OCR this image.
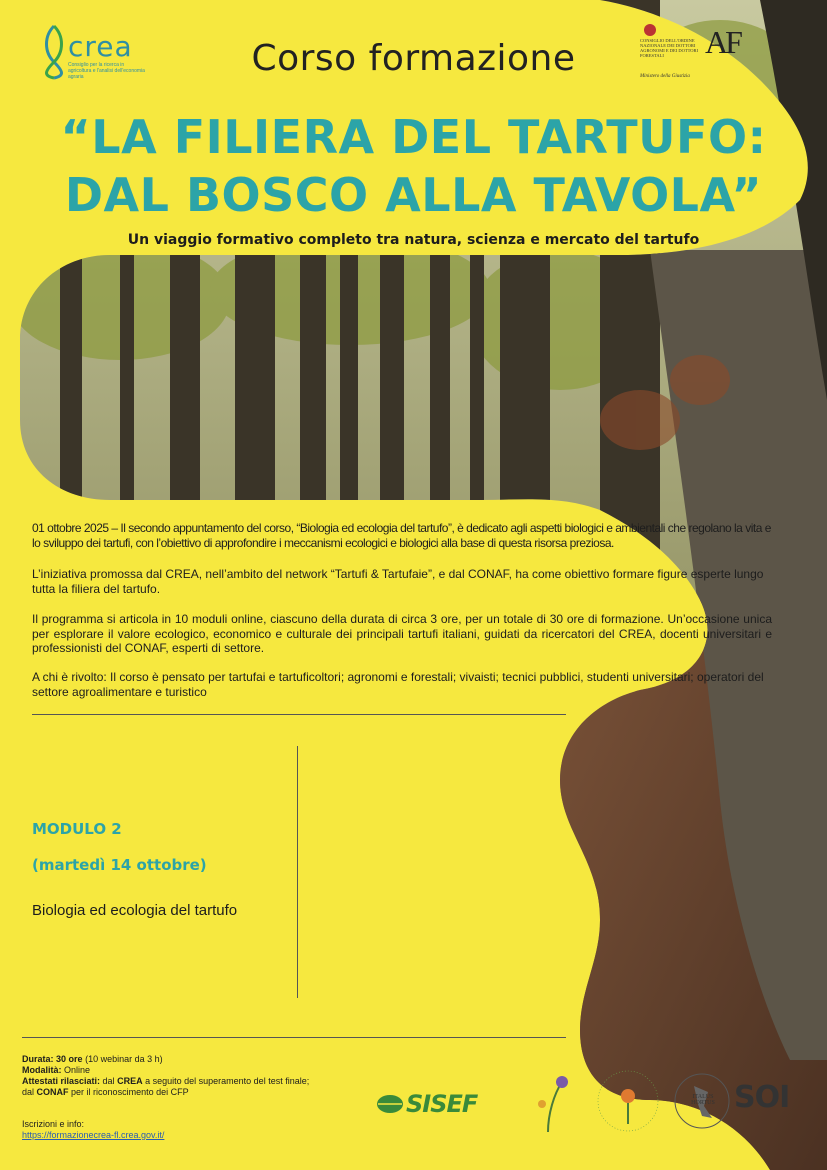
crea
Consiglio per la ricerca in agricoltura e l'analisi dell'economia agraria
CONSIGLIO DELL'ORDINE NAZIONALE DEI DOTTORI AGRONOMI E DEI DOTTORI FORESTALI	AF
Ministero della Giustizia
Corso formazione
“LA FILIERA DEL TARTUFO:
DAL BOSCO ALLA TAVOLA”
Un viaggio formativo completo tra natura, scienza e mercato del tartufo
01 ottobre 2025 – Il secondo appuntamento del corso, “Biologia ed ecologia del tartufo”, è dedicato agli aspetti biologici e ambientali che regolano la vita e lo sviluppo dei tartufi, con l’obiettivo di approfondire i meccanismi ecologici e biologici alla base di questa risorsa preziosa.
L’iniziativa promossa dal CREA, nell’ambito del network “Tartufi & Tartufaie”, e dal CONAF, ha come obiettivo formare figure esperte lungo tutta la filiera del tartufo.
Il programma si articola in 10 moduli online, ciascuno della durata di circa 3 ore, per un totale di 30 ore di formazione. Un’occasione unica per esplorare il valore ecologico, economico e culturale dei principali tartufi italiani, guidati da ricercatori del CREA, docenti universitari e professionisti del CONAF, esperti di settore.
A chi è rivolto: Il corso è pensato per tartufai e tartuficoltori; agronomi e forestali; vivaisti; tecnici pubblici, studenti universitari; operatori del settore agroalimentare e turistico
MODULO 2
(martedì 14 ottobre)
Biologia ed ecologia del tartufo
Durata: 30 ore (10 webinar da 3 h)
Modalità: Online
Attestati rilasciati: dal CREA a seguito del superamento del test finale;
dal CONAF per il riconoscimento dei CFP
Iscrizioni e info:
https://formazionecrea-fl.crea.gov.it/
SISEF	ITALUS HORTUS SOI
